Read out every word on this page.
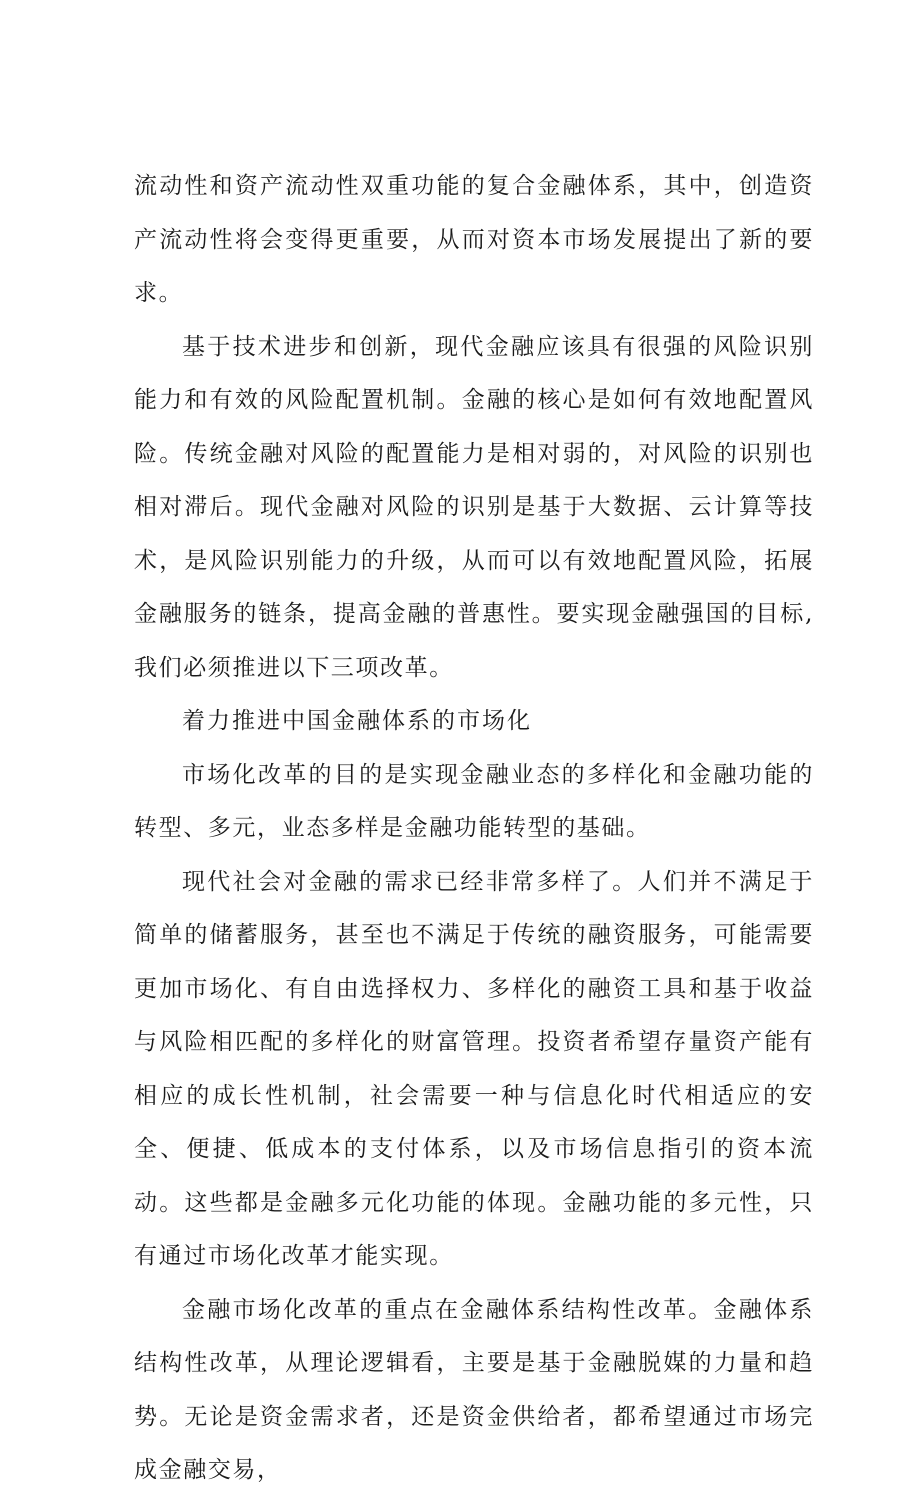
流动性和资产流动性双重功能的复合金融体系，其中，创造资产流动性将会变得更重要，从而对资本市场发展提出了新的要求。

基于技术进步和创新，现代金融应该具有很强的风险识别能力和有效的风险配置机制。金融的核心是如何有效地配置风险。传统金融对风险的配置能力是相对弱的，对风险的识别也相对滞后。现代金融对风险的识别是基于大数据、云计算等技术，是风险识别能力的升级，从而可以有效地配置风险，拓展金融服务的链条，提高金融的普惠性。要实现金融强国的目标,我们必须推进以下三项改革。

着力推进中国金融体系的市场化

市场化改革的目的是实现金融业态的多样化和金融功能的转型、多元，业态多样是金融功能转型的基础。

现代社会对金融的需求已经非常多样了。人们并不满足于简单的储蓄服务，甚至也不满足于传统的融资服务，可能需要更加市场化、有自由选择权力、多样化的融资工具和基于收益与风险相匹配的多样化的财富管理。投资者希望存量资产能有相应的成长性机制，社会需要一种与信息化时代相适应的安全、便捷、低成本的支付体系，以及市场信息指引的资本流动。这些都是金融多元化功能的体现。金融功能的多元性，只有通过市场化改革才能实现。

金融市场化改革的重点在金融体系结构性改革。金融体系结构性改革，从理论逻辑看，主要是基于金融脱媒的力量和趋势。无论是资金需求者，还是资金供给者，都希望通过市场完成金融交易，
